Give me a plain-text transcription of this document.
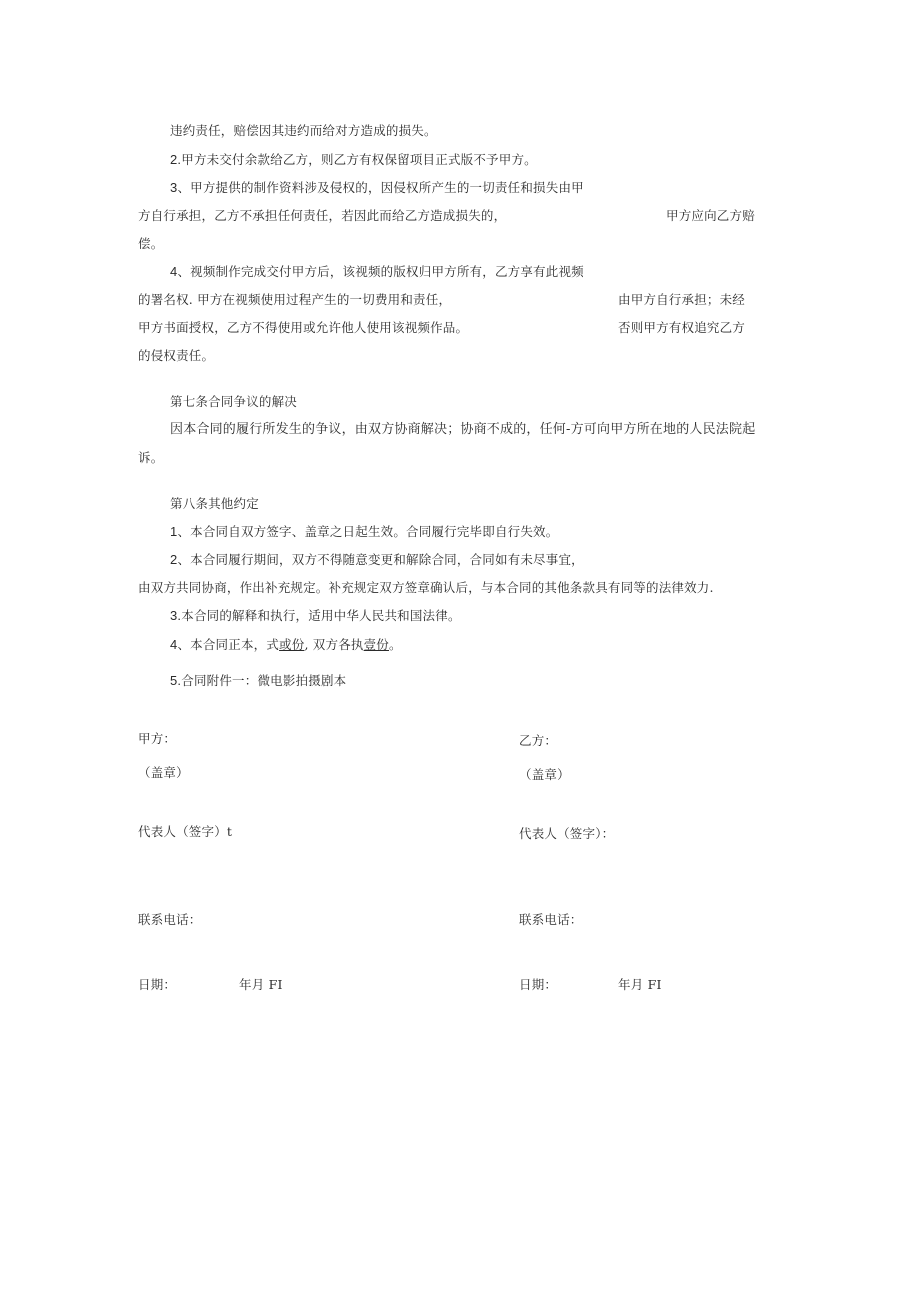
违约责任，赔偿因其违约而给对方造成的损失。
2.甲方未交付余款给乙方，则乙方有权保留项目正式版不予甲方。
3、甲方提供的制作资料涉及侵权的，因侵权所产生的一切责任和损失由甲
方自行承担，乙方不承担任何责任，若因此而给乙方造成损失的，	甲方应向乙方赔
偿。
4、视频制作完成交付甲方后，该视频的版权归甲方所有，乙方享有此视频
的署名权. 甲方在视频使用过程产生的一切费用和责任，	由甲方自行承担；未经
甲方书面授权，乙方不得使用或允许他人使用该视频作品。	否则甲方有权追究乙方
的侵权责任。
第七条合同争议的解决
因本合同的履行所发生的争议，由双方协商解决；协商不成的，任何-方可向甲方所在地的人民法院起
诉。
第八条其他约定
1、本合同自双方签字、盖章之日起生效。合同履行完毕即自行失效。
2、本合同履行期间，双方不得随意变更和解除合同，合同如有未尽事宜，
由双方共同协商，作出补充规定。补充规定双方签章确认后，与本合同的其他条款具有同等的法律效力.
3.本合同的解释和执行，适用中华人民共和国法律。
4、本合同正本，式或份, 双方各执壹份。
5.合同附件一：微电影拍摄剧本
甲方：	乙方：
（盖章）	（盖章）
代表人（签字）t	代表人（签字）：
联系电话：	联系电话：
日期：	年月 FI	日期：	年月 FI
